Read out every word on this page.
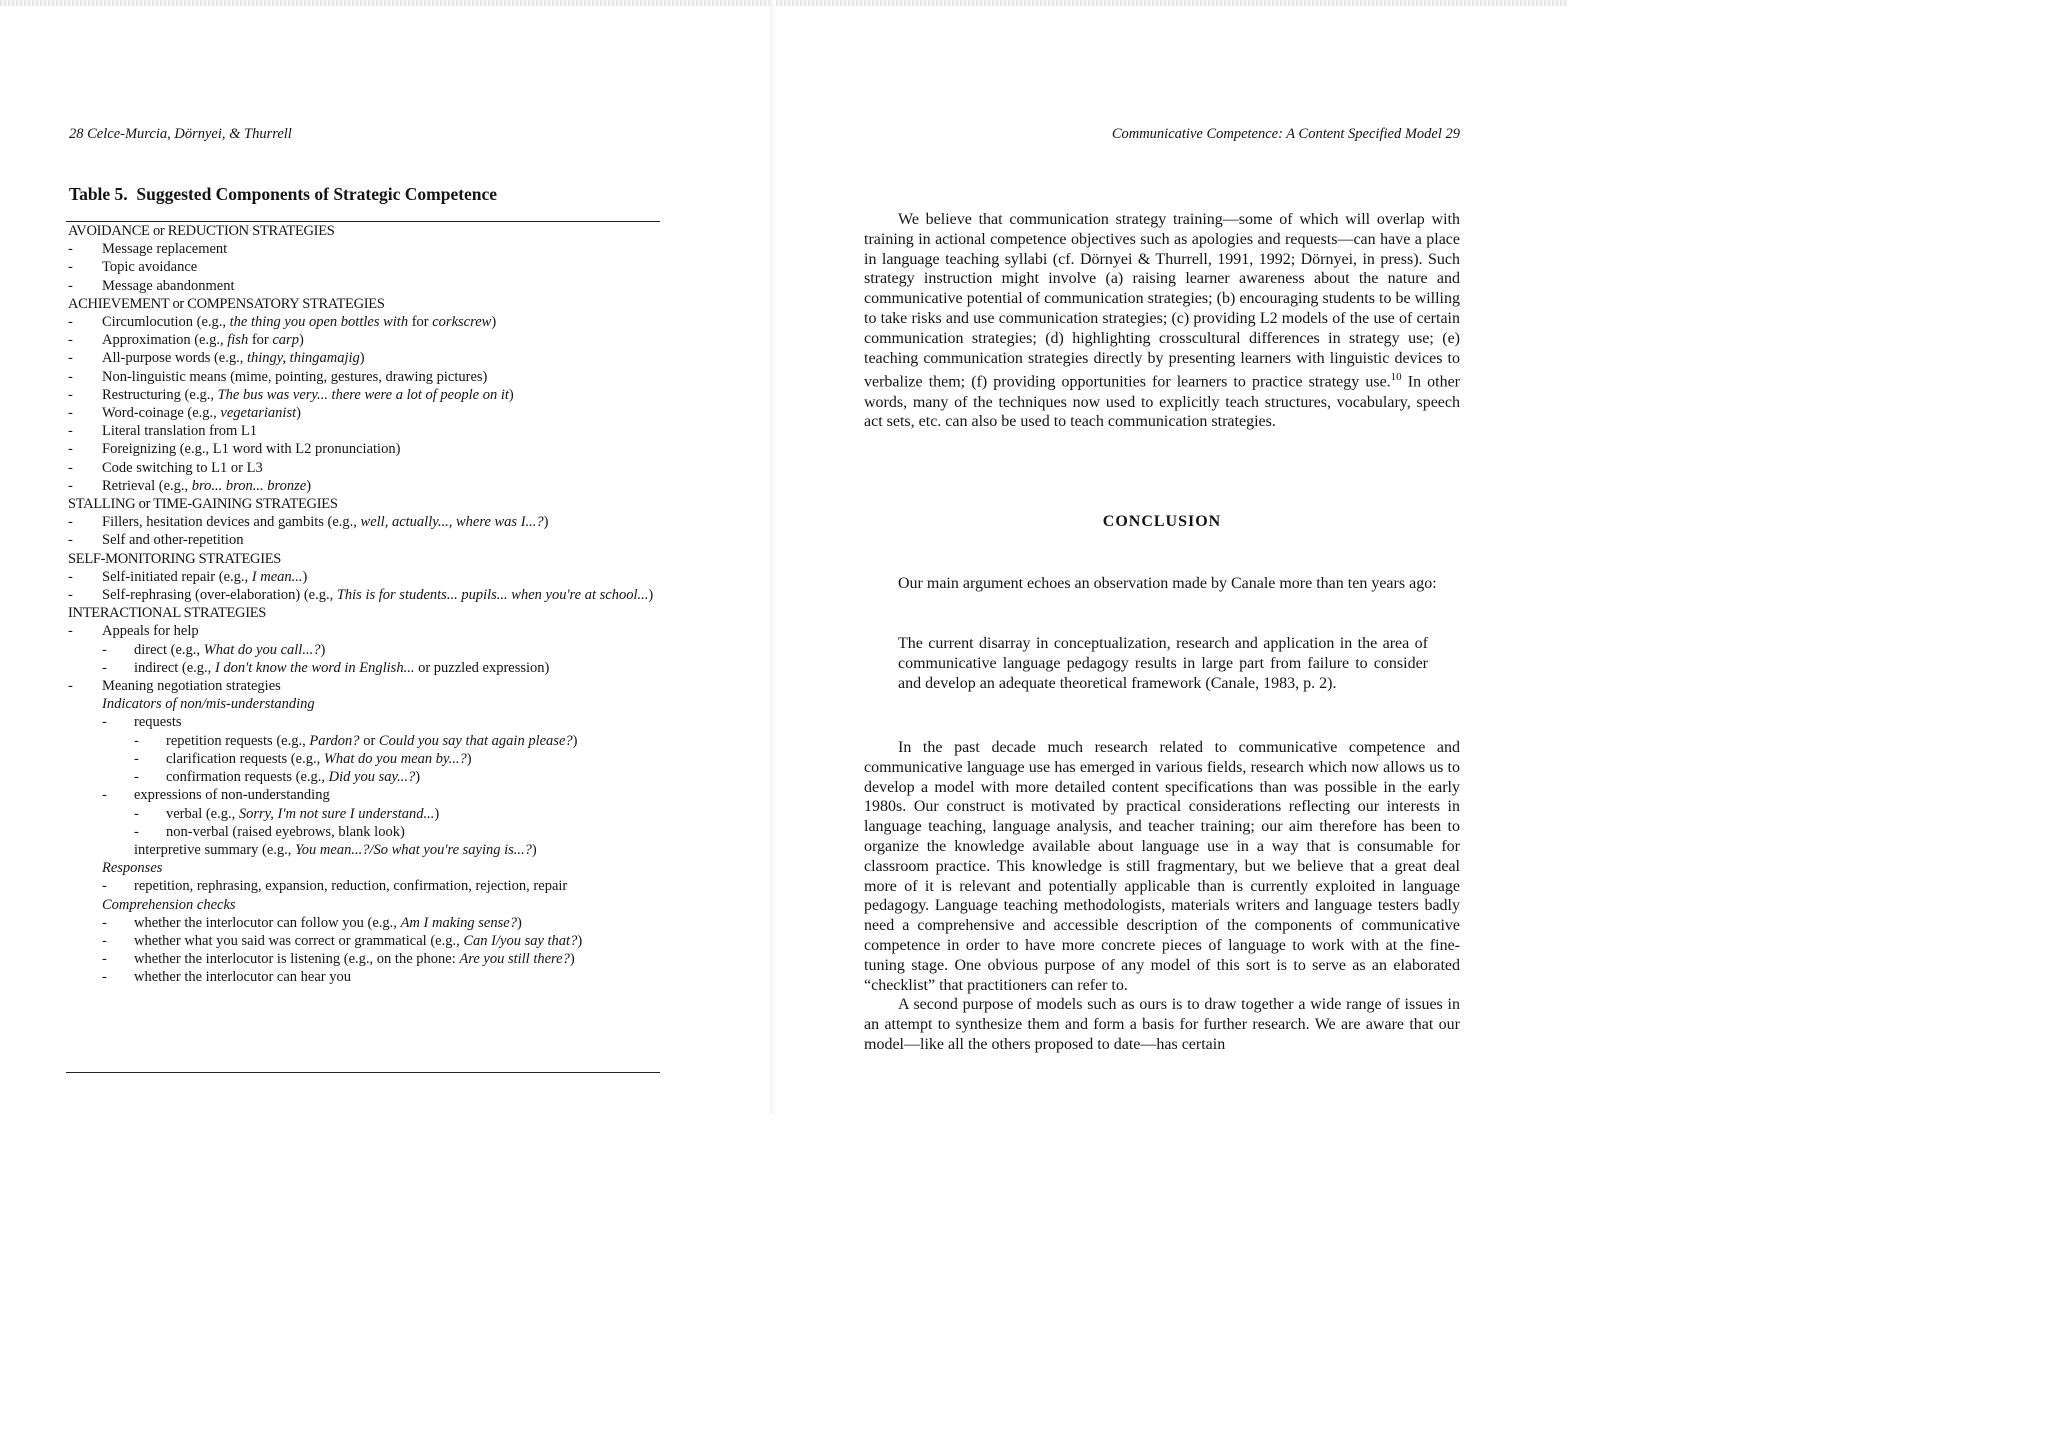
28 Celce-Murcia, Dörnyei, & Thurrell
Table 5.  Suggested Components of Strategic Competence
AVOIDANCE or REDUCTION STRATEGIES
- Message replacement
- Topic avoidance
- Message abandonment
ACHIEVEMENT or COMPENSATORY STRATEGIES
- Circumlocution (e.g., the thing you open bottles with for corkscrew)
- Approximation (e.g., fish for carp)
- All-purpose words (e.g., thingy, thingamajig)
- Non-linguistic means (mime, pointing, gestures, drawing pictures)
- Restructuring (e.g., The bus was very... there were a lot of people on it)
- Word-coinage (e.g., vegetarianist)
- Literal translation from L1
- Foreignizing (e.g., L1 word with L2 pronunciation)
- Code switching to L1 or L3
- Retrieval (e.g., bro... bron... bronze)
STALLING or TIME-GAINING STRATEGIES
- Fillers, hesitation devices and gambits (e.g., well, actually..., where was I...?)
- Self and other-repetition
SELF-MONITORING STRATEGIES
- Self-initiated repair (e.g., I mean...)
- Self-rephrasing (over-elaboration) (e.g., This is for students... pupils... when you're at school...)
INTERACTIONAL STRATEGIES
- Appeals for help
- direct (e.g., What do you call...?)
- indirect (e.g., I don't know the word in English... or puzzled expression)
- Meaning negotiation strategies
Indicators of non/mis-understanding
- requests
- repetition requests (e.g., Pardon? or Could you say that again please?)
- clarification requests (e.g., What do you mean by...?)
- confirmation requests (e.g., Did you say...?)
- expressions of non-understanding
- verbal (e.g., Sorry, I'm not sure I understand...)
- non-verbal (raised eyebrows, blank look)
interpretive summary (e.g., You mean...?/So what you're saying is...?)
Responses
- repetition, rephrasing, expansion, reduction, confirmation, rejection, repair
Comprehension checks
- whether the interlocutor can follow you (e.g., Am I making sense?)
- whether what you said was correct or grammatical (e.g., Can I/you say that?)
- whether the interlocutor is listening (e.g., on the phone: Are you still there?)
- whether the interlocutor can hear you
Communicative Competence: A Content Specified Model 29

We believe that communication strategy training—some of which will overlap with training in actional competence objectives such as apologies and requests—can have a place in language teaching syllabi (cf. Dörnyei & Thurrell, 1991, 1992; Dörnyei, in press). Such strategy instruction might involve (a) raising learner awareness about the nature and communicative potential of communication strategies; (b) encouraging students to be willing to take risks and use communication strategies; (c) providing L2 models of the use of certain communication strategies; (d) highlighting crosscultural differences in strategy use; (e) teaching communication strategies directly by presenting learners with linguistic devices to verbalize them; (f) providing opportunities for learners to practice strategy use.$^{10}$ In other words, many of the techniques now used to explicitly teach structures, vocabulary, speech act sets, etc. can also be used to teach communication strategies.

CONCLUSION

Our main argument echoes an observation made by Canale more than ten years ago:

The current disarray in conceptualization, research and application in the area of communicative language pedagogy results in large part from failure to consider and develop an adequate theoretical framework (Canale, 1983, p. 2).

In the past decade much research related to communicative competence and communicative language use has emerged in various fields, research which now allows us to develop a model with more detailed content specifications than was possible in the early 1980s. Our construct is motivated by practical considerations reflecting our interests in language teaching, language analysis, and teacher training; our aim therefore has been to organize the knowledge available about language use in a way that is consumable for classroom practice. This knowledge is still fragmentary, but we believe that a great deal more of it is relevant and potentially applicable than is currently exploited in language pedagogy. Language teaching methodologists, materials writers and language testers badly need a comprehensive and accessible description of the components of communicative competence in order to have more concrete pieces of language to work with at the fine-tuning stage. One obvious purpose of any model of this sort is to serve as an elaborated “checklist” that practitioners can refer to.

A second purpose of models such as ours is to draw together a wide range of issues in an attempt to synthesize them and form a basis for further research. We are aware that our model—like all the others proposed to date—has certain
